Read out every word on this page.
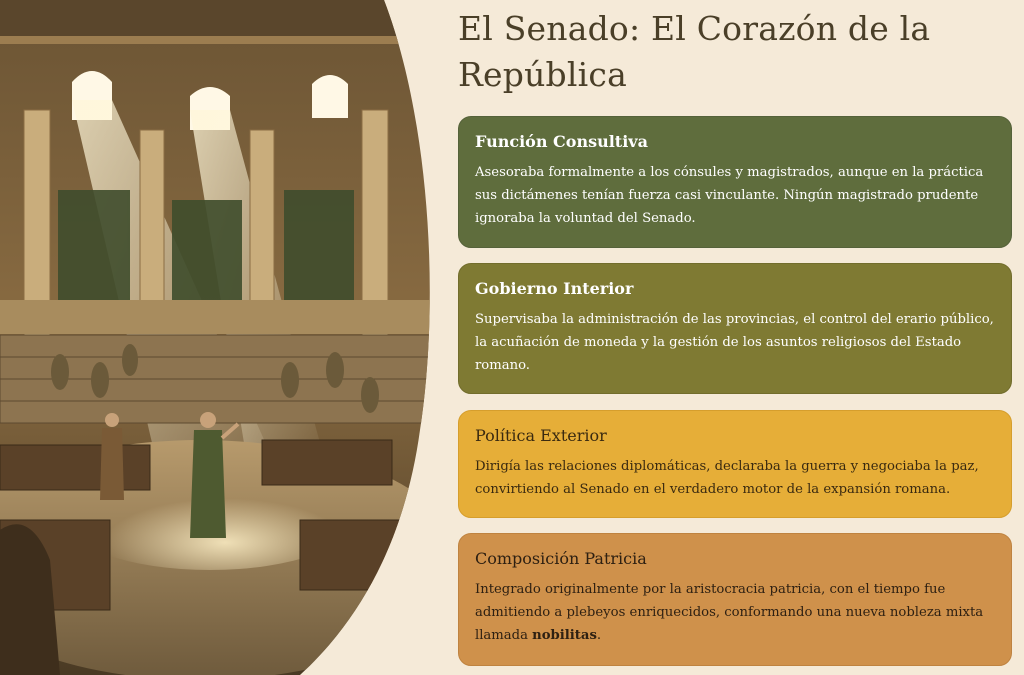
El Senado: El Corazón de la República
Función Consultiva

Asesoraba formalmente a los cónsules y magistrados, aunque en la práctica sus dictámenes tenían fuerza casi vinculante. Ningún magistrado prudente ignoraba la voluntad del Senado.

Gobierno Interior

Supervisaba la administración de las provincias, el control del erario público, la acuñación de moneda y la gestión de los asuntos religiosos del Estado romano.

Política Exterior

Dirigía las relaciones diplomáticas, declaraba la guerra y negociaba la paz, convirtiendo al Senado en el verdadero motor de la expansión romana.

Composición Patricia

Integrado originalmente por la aristocracia patricia, con el tiempo fue admitiendo a plebeyos enriquecidos, conformando una nueva nobleza mixta llamada nobilitas.
